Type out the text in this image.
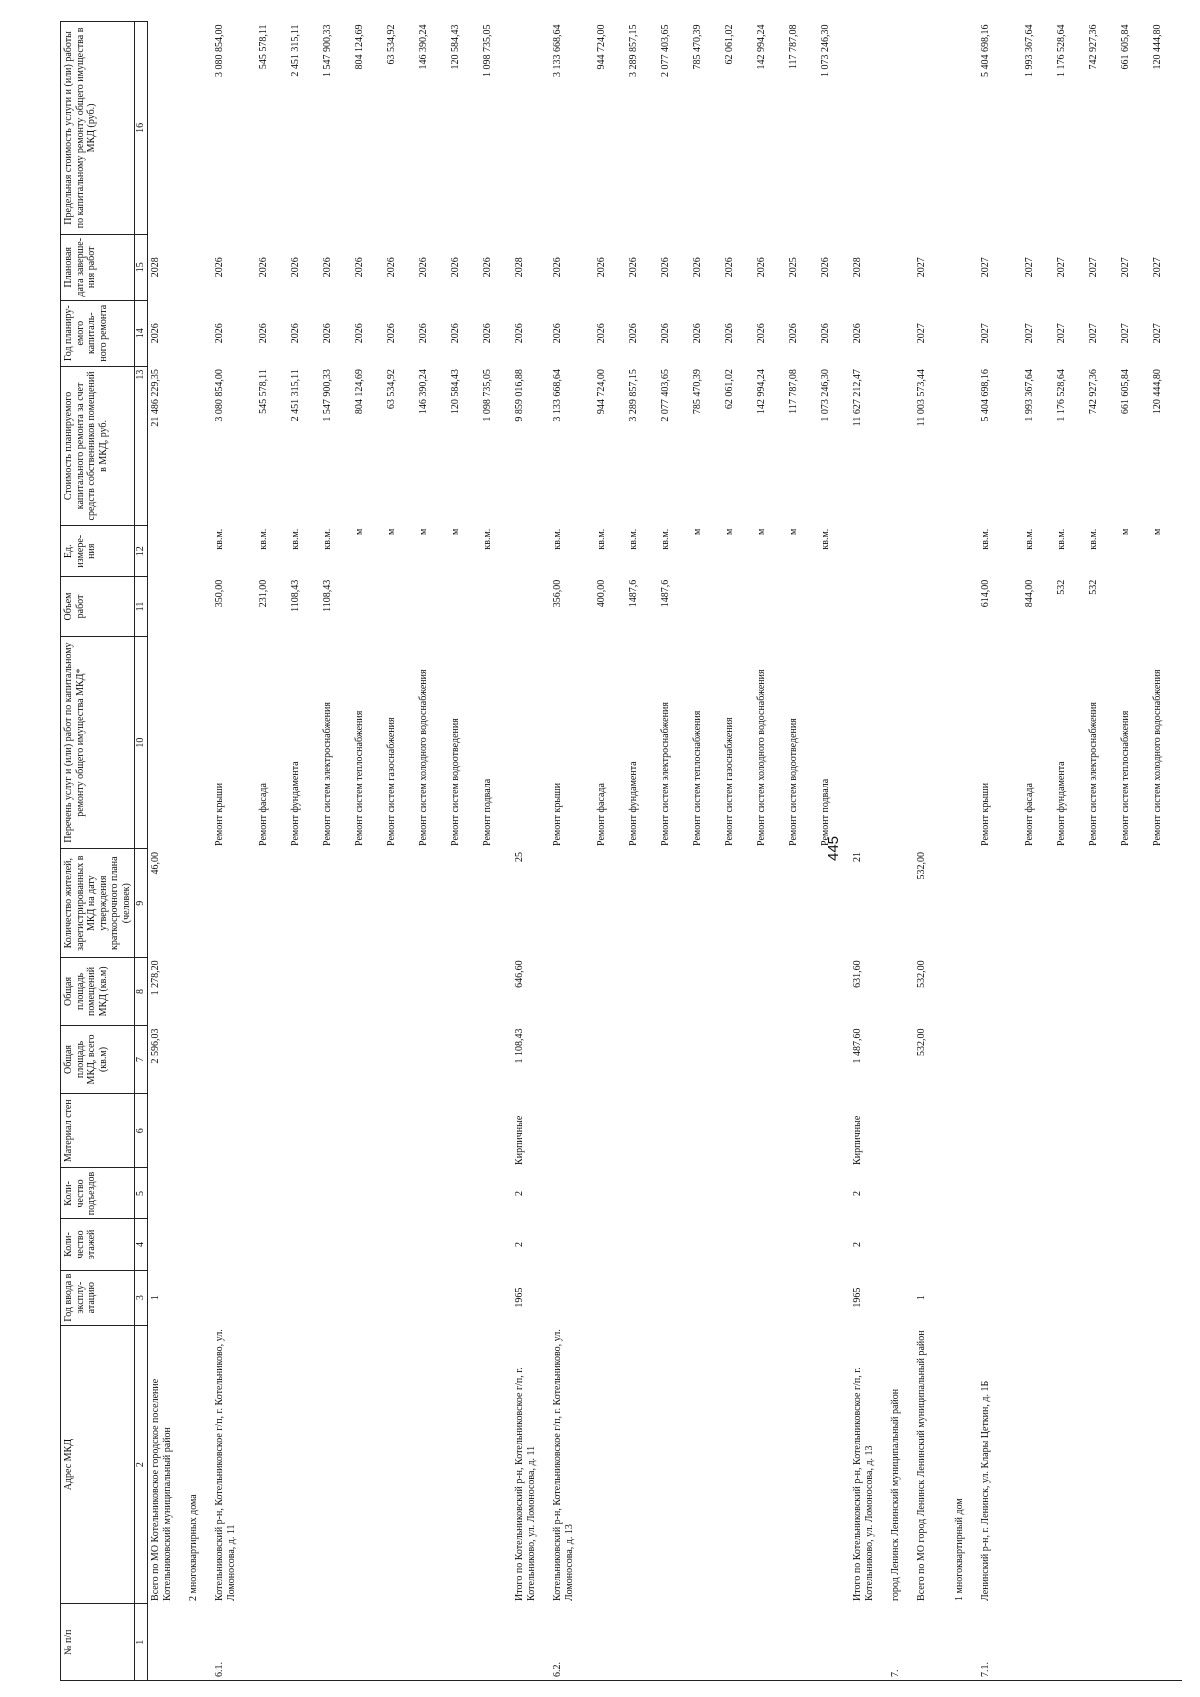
445
№ п/п	Адрес МКД	Год ввода в эксплу-атацию	Коли-чество этажей	Коли-чество подъездов	Материал стен	Общая площадь МКД, всего (кв.м)	Общая площадь помещений МКД (кв.м)	Количество жителей, зарегистрированных в МКД на дату утверждения краткосрочного плана (человек)	Перечень услуг и (или) работ по капитальному ремонту общего имущества МКД*	Объем работ	Ед. измере-ния	Стоимость планируемого капитального ремонта за счет средств собственников помещений в МКД, руб.	Год планиру-емого капиталь-ного ремонта	Плановая дата заверше-ния работ	Предельная стоимость услуги и (или) работы по капитальному ремонту общего имущества в МКД (руб.)
1	2	3	4	5	6	7	8	9	10	11	12	13	14	15	16
	Всего по МО Котельниковское городское поселение Котельниковский муниципальный район	1				2 596,03	1 278,20	46,00				21 486 229,35	2026	2028	
	2 многоквартирных дома														
6.1.	Котельниковский р-н, Котельниковское г/п, г. Котельниково, ул. Ломоносова, д. 11								Ремонт крыши	350,00	кв.м.	3 080 854,00	2026	2026	3 080 854,00
									Ремонт фасада	231,00	кв.м.	545 578,11	2026	2026	545 578,11
									Ремонт фундамента	1108,43	кв.м.	2 451 315,11	2026	2026	2 451 315,11
									Ремонт систем электроснабжения	1108,43	кв.м.	1 547 900,33	2026	2026	1 547 900,33
									Ремонт систем теплоснабжения		м	804 124,69	2026	2026	804 124,69
									Ремонт систем газоснабжения		м	63 534,92	2026	2026	63 534,92
									Ремонт систем холодного водоснабжения		м	146 390,24	2026	2026	146 390,24
									Ремонт систем водоотведения		м	120 584,43	2026	2026	120 584,43
									Ремонт подвала		кв.м.	1 098 735,05	2026	2026	1 098 735,05
	Итого по Котельниковский р-н, Котельниковское г/п, г. Котельниково, ул. Ломоносова, д. 11	1965	2	2	Кирпичные	1 108,43	646,60	25				9 859 016,88	2026	2028	
6.2.	Котельниковский р-н, Котельниковское г/п, г. Котельниково, ул. Ломоносова, д. 13								Ремонт крыши	356,00	кв.м.	3 133 668,64	2026	2026	3 133 668,64
									Ремонт фасада	400,00	кв.м.	944 724,00	2026	2026	944 724,00
									Ремонт фундамента	1487,6	кв.м.	3 289 857,15	2026	2026	3 289 857,15
									Ремонт систем электроснабжения	1487,6	кв.м.	2 077 403,65	2026	2026	2 077 403,65
									Ремонт систем теплоснабжения		м	785 470,39	2026	2026	785 470,39
									Ремонт систем газоснабжения		м	62 061,02	2026	2026	62 061,02
									Ремонт систем холодного водоснабжения		м	142 994,24	2026	2026	142 994,24
									Ремонт систем водоотведения		м	117 787,08	2026	2025	117 787,08
									Ремонт подвала		кв.м.	1 073 246,30	2026	2026	1 073 246,30
	Итого по Котельниковский р-н, Котельниковское г/п, г. Котельниково, ул. Ломоносова, д. 13	1965	2	2	Кирпичные	1 487,60	631,60	21				11 627 212,47	2026	2028	
7.	город Ленинск Ленинский муниципальный район														
	Всего по МО город Ленинск Ленинский муниципальный район	1				532,00	532,00	532,00				11 003 573,44	2027	2027	
	1 многоквартирный дом														
7.1.	Ленинский р-н, г. Ленинск, ул. Клары Цеткин, д. 1Б								Ремонт крыши	614,00	кв.м.	5 404 698,16	2027	2027	5 404 698,16
									Ремонт фасада	844,00	кв.м.	1 993 367,64	2027	2027	1 993 367,64
									Ремонт фундамента	532	кв.м.	1 176 528,64	2027	2027	1 176 528,64
									Ремонт систем электроснабжения	532	кв.м.	742 927,36	2027	2027	742 927,36
									Ремонт систем теплоснабжения		м	661 605,84	2027	2027	661 605,84
									Ремонт систем холодного водоснабжения		м	120 444,80	2027	2027	120 444,80
